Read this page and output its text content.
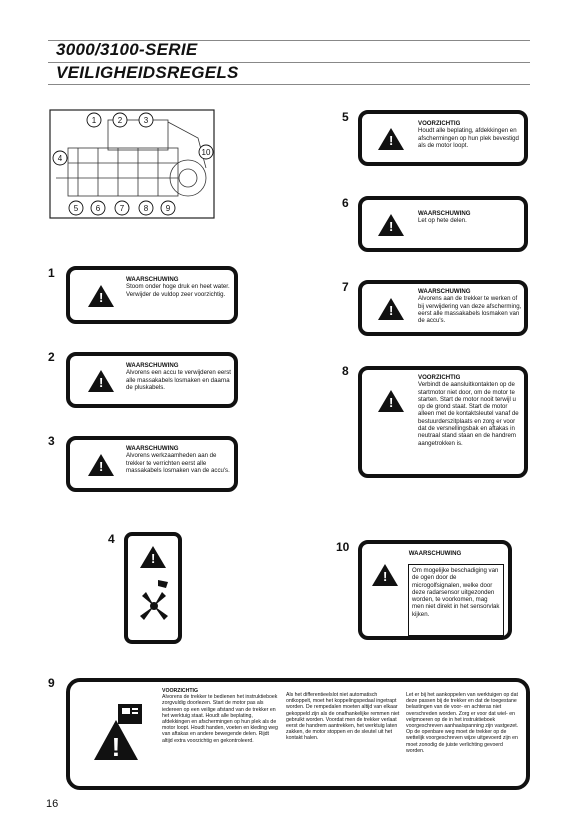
3000/3100-SERIE
VEILIGHEIDSREGELS
1	2	3
4
5 6 7 8 9
10
1
!	WAARSCHUWING
Stoom onder hoge druk en heet water. Verwijder de vuldop zeer voorzichtig.
2
!
WAARSCHUWING
Alvorens een accu te verwijderen eerst alle massakabels losmaken en daarna de pluskabels.
3
!
WAARSCHUWING
Alvorens werkzaamheden aan de trekker te verrichten eerst alle massakabels losmaken van de accu's.
4
!
5
!	VOORZICHTIG
Houdt alle beplating, afdekkingen en afschermingen op hun plek bevestigd als de motor loopt.
6
!
WAARSCHUWING
Let op hete delen.
7
!	WAARSCHUWING
Alvorens aan de trekker te werken of bij verwijdering van deze afscherming, eerst alle massakabels losmaken van de accu's.
8
!	VOORZICHTIG
Verbindt de aansluitkontakten op de startmotor niet door, om de motor te starten. Start de motor nooit terwijl u op de grond staat. Start de motor alleen met de kontaktsleutel vanaf de bestuurderszitplaats en zorg er voor dat de versnellingsbak en aftakas in neutraal stand staan en de handrem aangetrokken is.
10	WAARSCHUWING
!
Om mogelijke beschadiging van de ogen door de microgolfsignalen, welke door deze radarsensor uitgezonden worden, te voorkomen, mag men niet direkt in het sensorvlak kijken.
9
!
VOORZICHTIG
Alvorens de trekker te bedienen het instruktieboek zorgvuldig doorlezen. Start de motor pas als iedereen op een veilige afstand van de trekker en het werktuig staat. Houdt alle beplating, afdekkingen en afschermingen op hun plek als de motor loopt. Houdt handen, voeten en kleding weg van aftakas en andere bewegende delen. Rijdt altijd extra voorzichtig en gekontroleerd.
Als het differentieelslot niet automatisch ontkoppelt, moet het koppelingspedaal ingetrapt worden. De rempedalen moeten altijd van elkaar gekoppeld zijn als de onafhankelijke remmen niet gebruikt worden. Voordat men de trekker verlaat eerst de handrem aantrekken, het werktuig laten zakken, de motor stoppen en de sleutel uit het kontakt halen.
Let er bij het aankoppelen van werktuigen op dat deze passen bij de trekker en dat de toegestane belastingen van de voor- en achteras niet overschreden worden. Zorg er voor dat wiel- en velgmoeren op de in het instruktieboek voorgeschreven aanhaalspanning zijn vastgezet. Op de openbare weg moet de trekker op de wettelijk voorgeschreven wijze uitgevoerd zijn en moet zonodig de juiste verlichting gevoerd worden.
16
